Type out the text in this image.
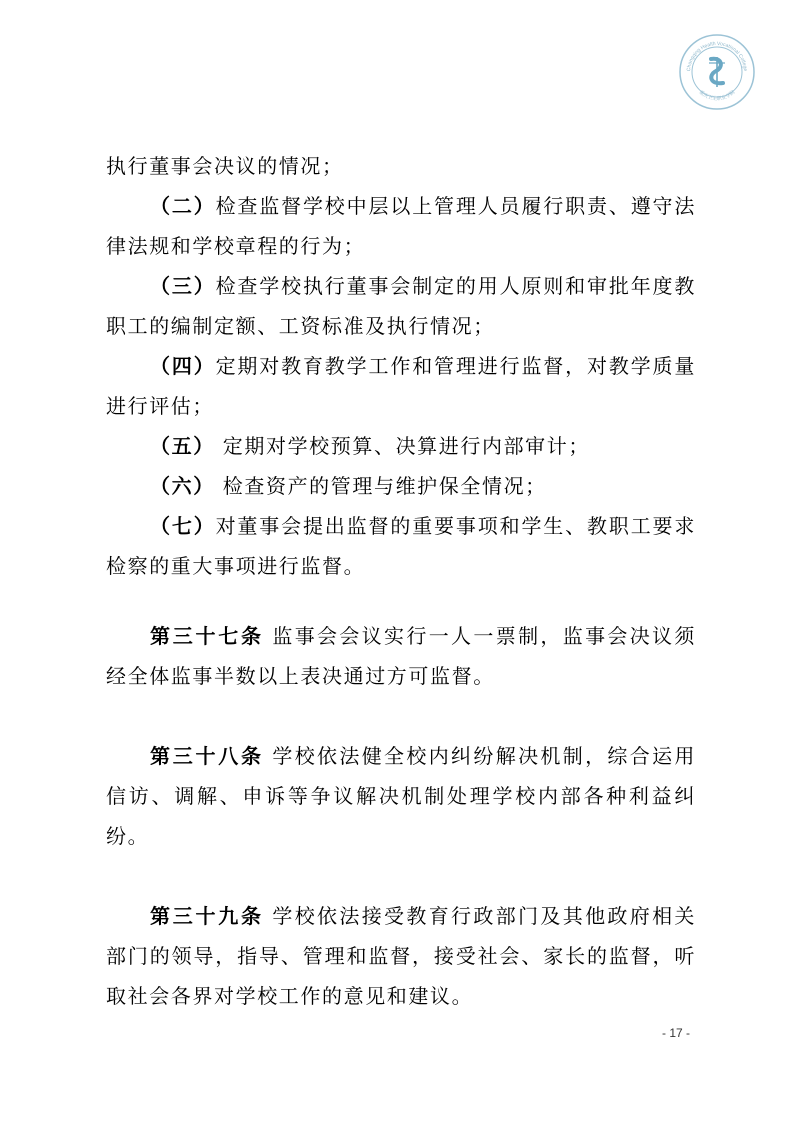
Chongqing Health Vocational College
重庆卫生职业学院

执行董事会决议的情况；

（二）检查监督学校中层以上管理人员履行职责、遵守法律法规和学校章程的行为；

（三）检查学校执行董事会制定的用人原则和审批年度教职工的编制定额、工资标准及执行情况；

（四）定期对教育教学工作和管理进行监督，对教学质量进行评估；

（五） 定期对学校预算、决算进行内部审计；

（六） 检查资产的管理与维护保全情况；

（七）对董事会提出监督的重要事项和学生、教职工要求检察的重大事项进行监督。

第三十七条 监事会会议实行一人一票制，监事会决议须经全体监事半数以上表决通过方可监督。

第三十八条 学校依法健全校内纠纷解决机制，综合运用信访、调解、申诉等争议解决机制处理学校内部各种利益纠纷。

第三十九条 学校依法接受教育行政部门及其他政府相关部门的领导，指导、管理和监督，接受社会、家长的监督，听取社会各界对学校工作的意见和建议。

- 17 -
